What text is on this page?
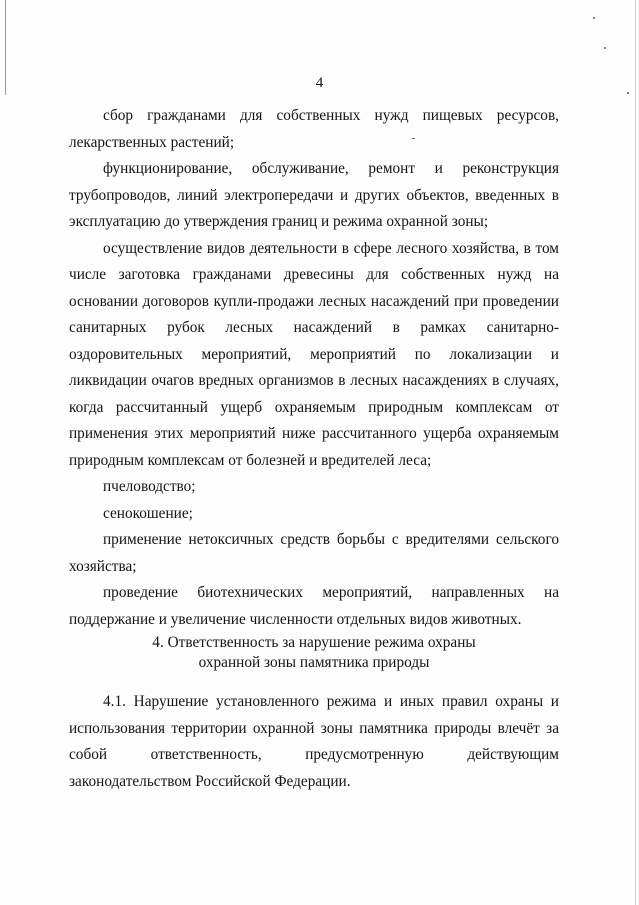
4

сбор гражданами для собственных нужд пищевых ресурсов, лекарственных растений;

функционирование, обслуживание, ремонт и реконструкция трубопроводов, линий электропередачи и других объектов, введенных в эксплуатацию до утверждения границ и режима охранной зоны;

осуществление видов деятельности в сфере лесного хозяйства, в том числе заготовка гражданами древесины для собственных нужд на основании договоров купли-продажи лесных насаждений при проведении санитарных рубок лесных насаждений в рамках санитарно-оздоровительных мероприятий, мероприятий по локализации и ликвидации очагов вредных организмов в лесных насаждениях в случаях, когда рассчитанный ущерб охраняемым природным комплексам от применения этих мероприятий ниже рассчитанного ущерба охраняемым природным комплексам от болезней и вредителей леса;

пчеловодство;

сенокошение;

применение нетоксичных средств борьбы с вредителями сельского хозяйства;

проведение биотехнических мероприятий, направленных на поддержание и увеличение численности отдельных видов животных.

4. Ответственность за нарушение режима охраны
охранной зоны памятника природы

4.1. Нарушение установленного режима и иных правил охраны и использования территории охранной зоны памятника природы влечёт за собой ответственность, предусмотренную действующим законодательством Российской Федерации.
